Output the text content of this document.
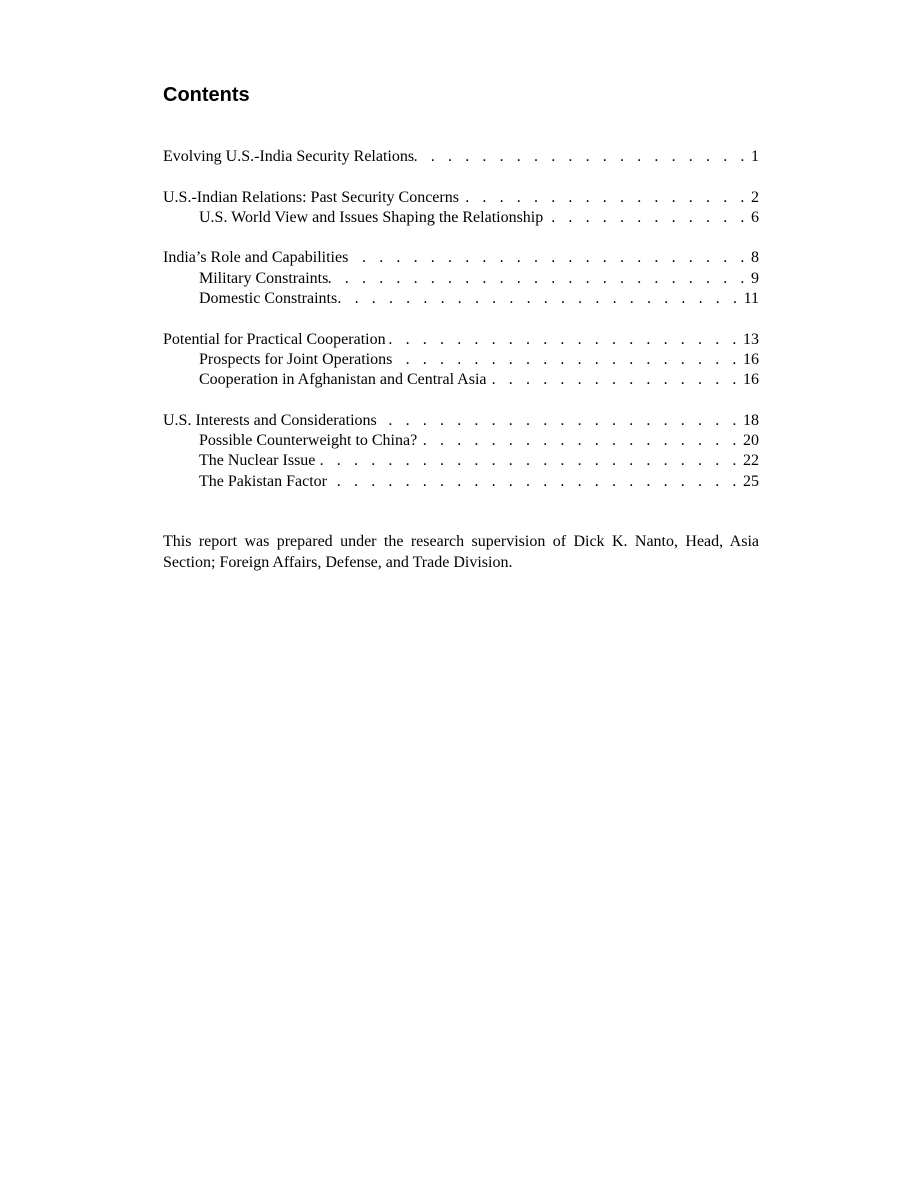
Contents
Evolving U.S.-India Security Relations . . .	1
U.S.-Indian Relations: Past Security Concerns . . .	2
U.S. World View and Issues Shaping the Relationship . . .	6
India’s Role and Capabilities . . .	8
Military Constraints . . .	9
Domestic Constraints . . .	11
Potential for Practical Cooperation . . .	13
Prospects for Joint Operations . . .	16
Cooperation in Afghanistan and Central Asia . . .	16
U.S. Interests and Considerations . . .	18
Possible Counterweight to China? . . .	20
The Nuclear Issue . . .	22
The Pakistan Factor . . .	25

This report was prepared under the research supervision of Dick K. Nanto, Head, Asia Section; Foreign Affairs, Defense, and Trade Division.
